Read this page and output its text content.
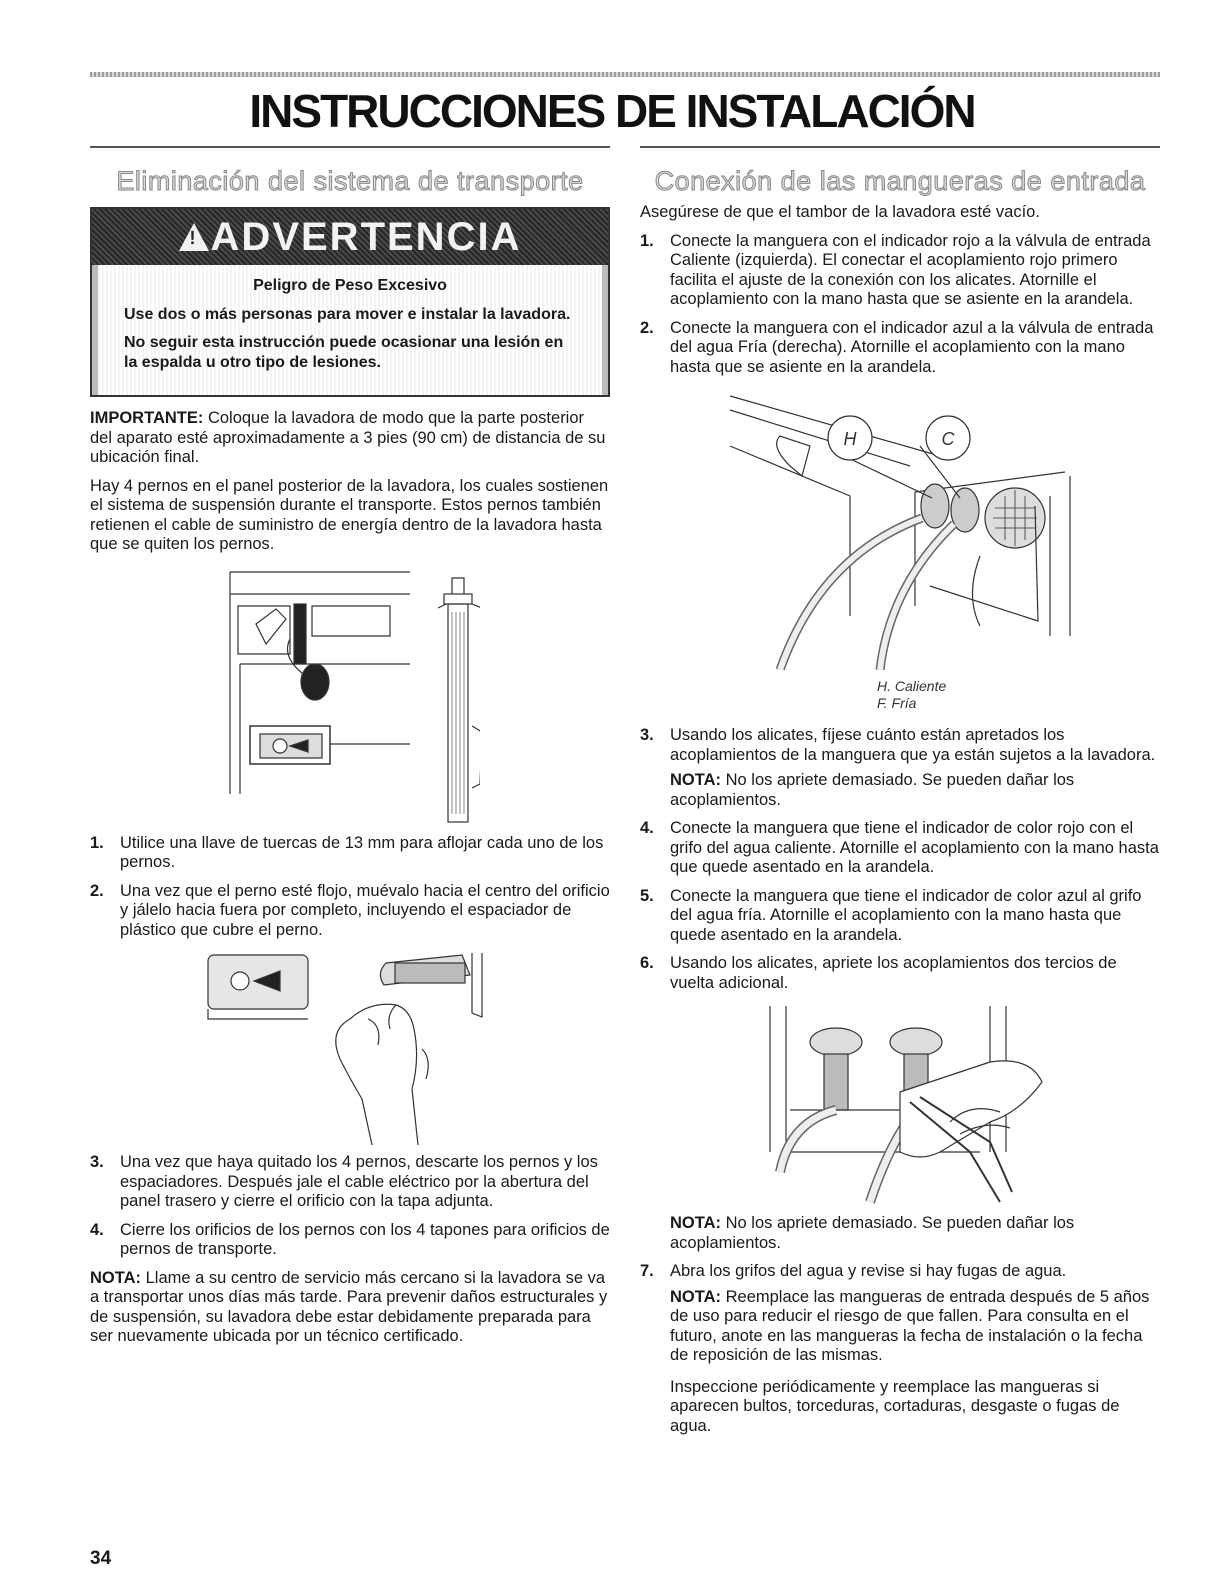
INSTRUCCIONES DE INSTALACIÓN
Eliminación del sistema de transporte
!
ADVERTENCIA

Peligro de Peso Excesivo

Use dos o más personas para mover e instalar la lavadora.

No seguir esta instrucción puede ocasionar una lesión en la espalda u otro tipo de lesiones.

IMPORTANTE: Coloque la lavadora de modo que la parte posterior del aparato esté aproximadamente a 3 pies (90 cm) de distancia de su ubicación final.

Hay 4 pernos en el panel posterior de la lavadora, los cuales sostienen el sistema de suspensión durante el transporte. Estos pernos también retienen el cable de suministro de energía dentro de la lavadora hasta que se quiten los pernos.

1. Utilice una llave de tuercas de 13 mm para aflojar cada uno de los pernos.
2. Una vez que el perno esté flojo, muévalo hacia el centro del orificio y jálelo hacia fuera por completo, incluyendo el espaciador de plástico que cubre el perno.
3. Una vez que haya quitado los 4 pernos, descarte los pernos y los espaciadores. Después jale el cable eléctrico por la abertura del panel trasero y cierre el orificio con la tapa adjunta.
4. Cierre los orificios de los pernos con los 4 tapones para orificios de pernos de transporte.

NOTA: Llame a su centro de servicio más cercano si la lavadora se va a transportar unos días más tarde. Para prevenir daños estructurales y de suspensión, su lavadora debe estar debidamente preparada para ser nuevamente ubicada por un técnico certificado.

Conexión de las mangueras de entrada

Asegúrese de que el tambor de la lavadora esté vacío.

1. Conecte la manguera con el indicador rojo a la válvula de entrada Caliente (izquierda). El conectar el acoplamiento rojo primero facilita el ajuste de la conexión con los alicates. Atornille el acoplamiento con la mano hasta que se asiente en la arandela.
2. Conecte la manguera con el indicador azul a la válvula de entrada del agua Fría (derecha). Atornille el acoplamiento con la mano hasta que se asiente en la arandela.
H	C
H. Caliente
F. Fría
3. Usando los alicates, fíjese cuánto están apretados los acoplamientos de la manguera que ya están sujetos a la lavadora.
NOTA: No los apriete demasiado. Se pueden dañar los acoplamientos.
4. Conecte la manguera que tiene el indicador de color rojo con el grifo del agua caliente. Atornille el acoplamiento con la mano hasta que quede asentado en la arandela.
5. Conecte la manguera que tiene el indicador de color azul al grifo del agua fría. Atornille el acoplamiento con la mano hasta que quede asentado en la arandela.
6. Usando los alicates, apriete los acoplamientos dos tercios de vuelta adicional.

NOTA: No los apriete demasiado. Se pueden dañar los acoplamientos.

7. Abra los grifos del agua y revise si hay fugas de agua.
NOTA: Reemplace las mangueras de entrada después de 5 años de uso para reducir el riesgo de que fallen. Para consulta en el futuro, anote en las mangueras la fecha de instalación o la fecha de reposición de las mismas.
Inspeccione periódicamente y reemplace las mangueras si aparecen bultos, torceduras, cortaduras, desgaste o fugas de agua.
34
